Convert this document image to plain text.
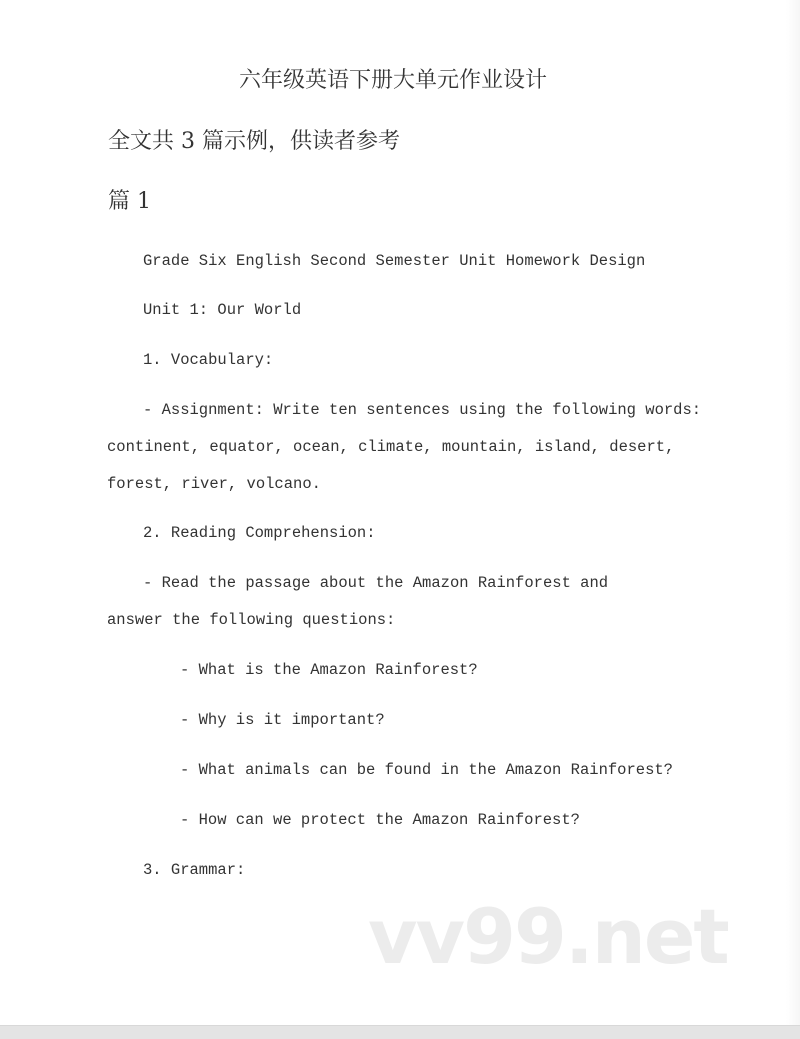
六年级英语下册大单元作业设计
全文共 3 篇示例，供读者参考
篇 1
Grade Six English Second Semester Unit Homework Design
Unit 1: Our World
1. Vocabulary:
- Assignment: Write ten sentences using the following words:
continent, equator, ocean, climate, mountain, island, desert,
forest, river, volcano.
2. Reading Comprehension:
- Read the passage about the Amazon Rainforest and
answer the following questions:
- What is the Amazon Rainforest?
- Why is it important?
- What animals can be found in the Amazon Rainforest?
- How can we protect the Amazon Rainforest?
3. Grammar:
vv99.net
